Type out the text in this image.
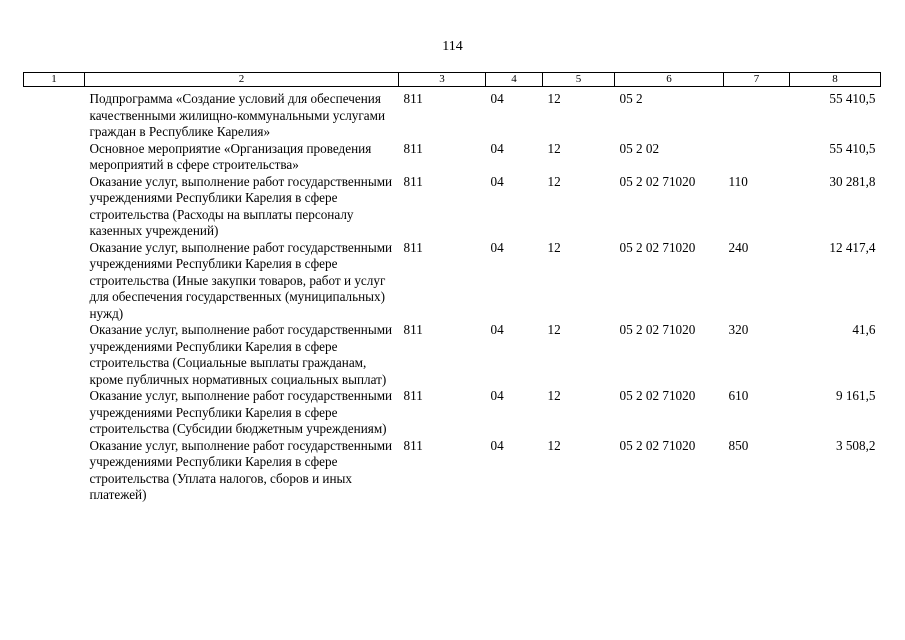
114
1	2	3	4	5	6	7	8
	Подпрограмма «Создание условий для обеспечения качественными жилищно-коммунальными услугами граждан в Республике Карелия»	811	04	12	05 2		55 410,5
	Основное мероприятие «Организация проведения мероприятий в сфере строительства»	811	04	12	05 2 02		55 410,5
	Оказание услуг, выполнение работ государственными учреждениями Республики Карелия в сфере строительства (Расходы на выплаты персоналу казенных учреждений)	811	04	12	05 2 02 71020	110	30 281,8
	Оказание услуг, выполнение работ государственными учреждениями Республики Карелия в сфере строительства (Иные закупки товаров, работ и услуг для обеспечения государственных (муниципальных) нужд)	811	04	12	05 2 02 71020	240	12 417,4
	Оказание услуг, выполнение работ государственными учреждениями Республики Карелия в сфере строительства (Социальные выплаты гражданам, кроме публичных нормативных социальных выплат)	811	04	12	05 2 02 71020	320	41,6
	Оказание услуг, выполнение работ государственными учреждениями Республики Карелия в сфере строительства (Субсидии бюджетным учреждениям)	811	04	12	05 2 02 71020	610	9 161,5
	Оказание услуг, выполнение работ государственными учреждениями Республики Карелия в сфере строительства (Уплата налогов, сборов и иных платежей)	811	04	12	05 2 02 71020	850	3 508,2
